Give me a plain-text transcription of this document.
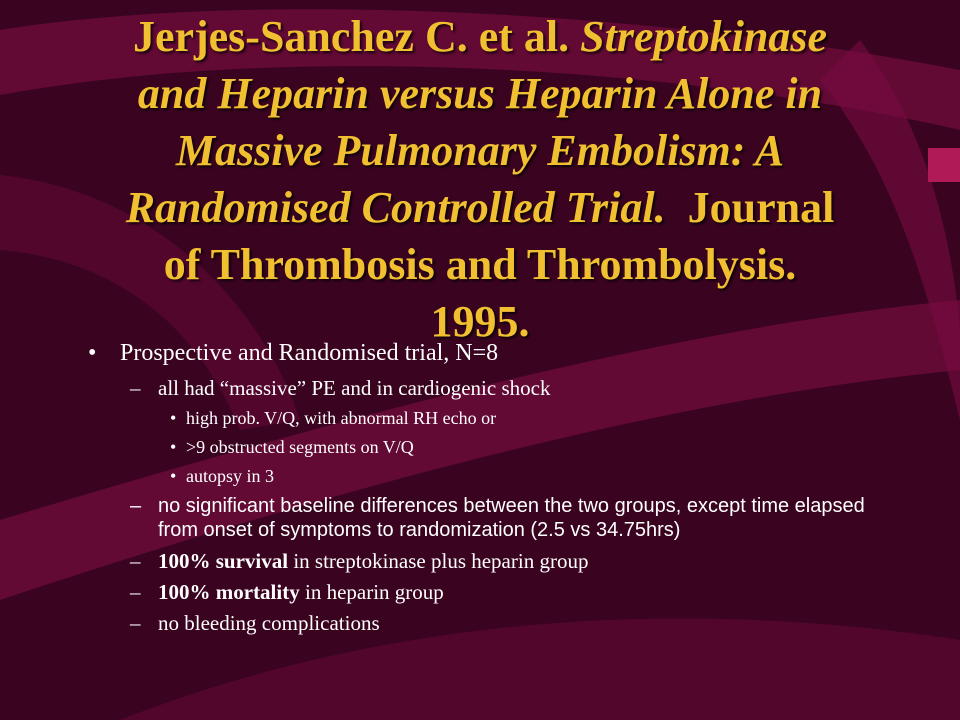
Jerjes-Sanchez C. et al. Streptokinase
and Heparin versus Heparin Alone in
Massive Pulmonary Embolism: A
Randomised Controlled Trial.  Journal
of Thrombosis and Thrombolysis.
1995.
• Prospective and Randomised trial, N=8
– all had “massive” PE and in cardiogenic shock
• high prob. V/Q, with abnormal RH echo or
• >9 obstructed segments on V/Q
• autopsy in 3
– no significant baseline differences between the two groups, except time elapsed from onset of symptoms to randomization (2.5 vs 34.75hrs)
– 100% survival in streptokinase plus heparin group
– 100% mortality in heparin group
– no bleeding complications
